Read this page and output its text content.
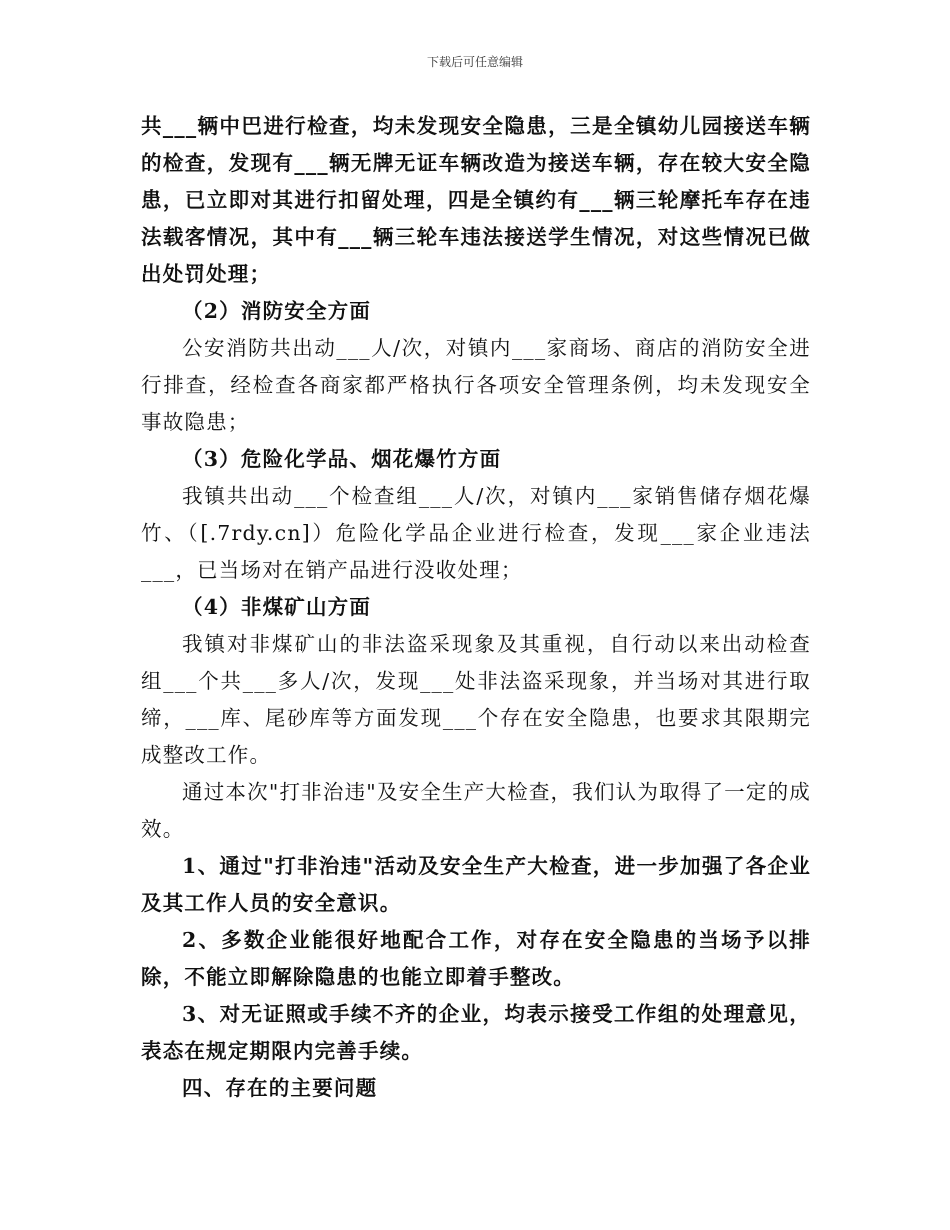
下载后可任意编辑

共___辆中巴进行检查，均未发现安全隐患，三是全镇幼儿园接送车辆的检查，发现有___辆无牌无证车辆改造为接送车辆，存在较大安全隐患，已立即对其进行扣留处理，四是全镇约有___辆三轮摩托车存在违法载客情况，其中有___辆三轮车违法接送学生情况，对这些情况已做出处罚处理；

（2）消防安全方面

公安消防共出动___人/次，对镇内___家商场、商店的消防安全进行排查，经检查各商家都严格执行各项安全管理条例，均未发现安全事故隐患；

（3）危险化学品、烟花爆竹方面

我镇共出动___个检查组___人/次，对镇内___家销售储存烟花爆竹、（[.7rdy.cn]）危险化学品企业进行检查，发现___家企业违法___，已当场对在销产品进行没收处理；

（4）非煤矿山方面

我镇对非煤矿山的非法盗采现象及其重视，自行动以来出动检查组___个共___多人/次，发现___处非法盗采现象，并当场对其进行取缔，___库、尾砂库等方面发现___个存在安全隐患，也要求其限期完成整改工作。

通过本次"打非治违"及安全生产大检查，我们认为取得了一定的成效。

1、通过"打非治违"活动及安全生产大检查，进一步加强了各企业及其工作人员的安全意识。

2、多数企业能很好地配合工作，对存在安全隐患的当场予以排除，不能立即解除隐患的也能立即着手整改。

3、对无证照或手续不齐的企业，均表示接受工作组的处理意见，表态在规定期限内完善手续。

四、存在的主要问题
